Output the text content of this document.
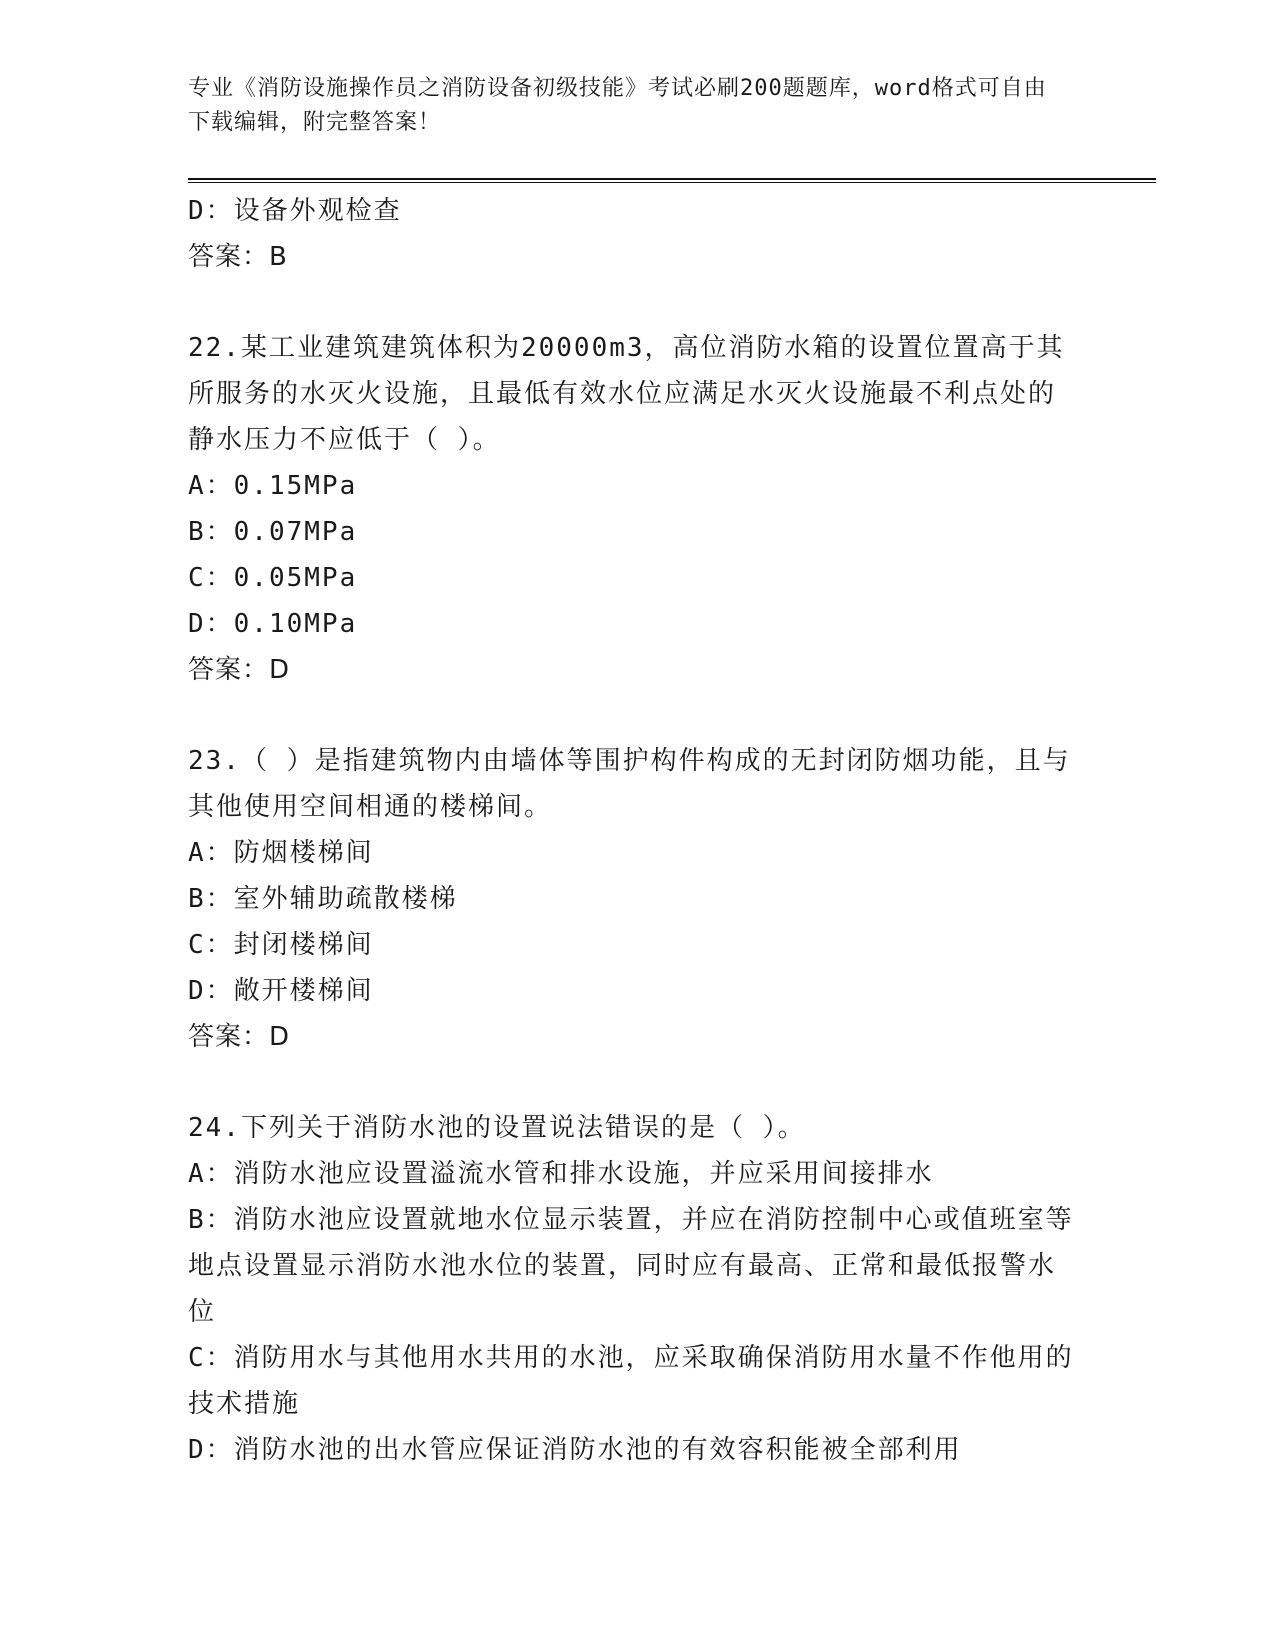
专业《消防设施操作员之消防设备初级技能》考试必刷200题题库，word格式可自由下载编辑，附完整答案！
D：设备外观检查
答案：B
22.某工业建筑建筑体积为20000m3，高位消防水箱的设置位置高于其所服务的水灭火设施，且最低有效水位应满足水灭火设施最不利点处的静水压力不应低于（ ）。
A：0.15MPa
B：0.07MPa
C：0.05MPa
D：0.10MPa
答案：D
23.（ ）是指建筑物内由墙体等围护构件构成的无封闭防烟功能，且与其他使用空间相通的楼梯间。
A：防烟楼梯间
B：室外辅助疏散楼梯
C：封闭楼梯间
D：敞开楼梯间
答案：D
24.下列关于消防水池的设置说法错误的是（ ）。
A：消防水池应设置溢流水管和排水设施，并应采用间接排水
B：消防水池应设置就地水位显示装置，并应在消防控制中心或值班室等地点设置显示消防水池水位的装置，同时应有最高、正常和最低报警水位
C：消防用水与其他用水共用的水池，应采取确保消防用水量不作他用的技术措施
D：消防水池的出水管应保证消防水池的有效容积能被全部利用
